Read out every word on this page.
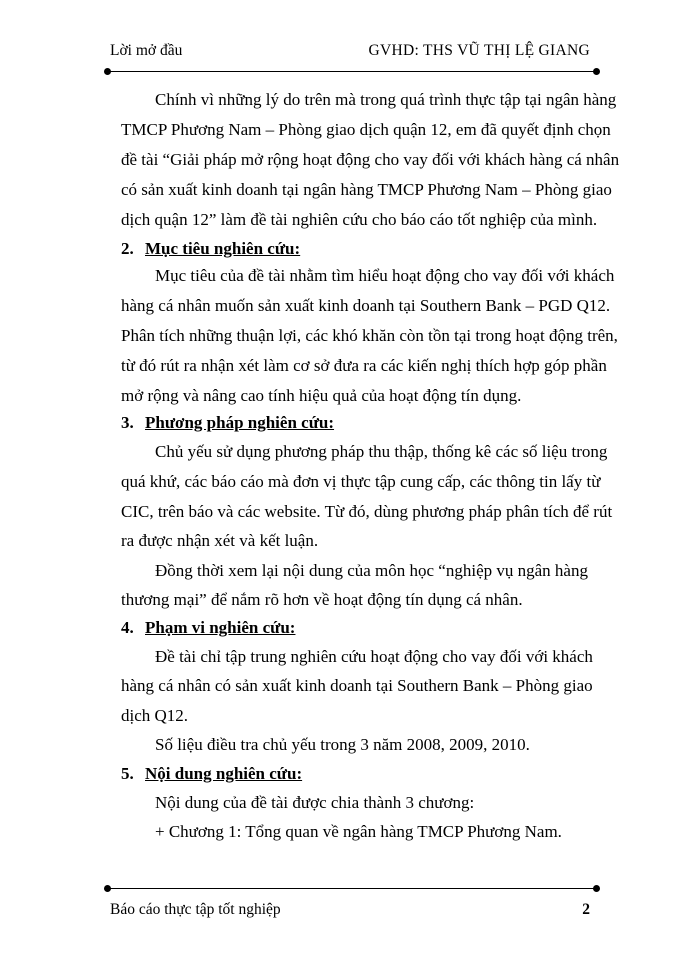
Lời mở đầu	GVHD: THS VŨ THỊ LỆ GIANG
Chính vì những lý do trên mà trong quá trình thực tập tại ngân hàng
TMCP Phương Nam – Phòng giao dịch quận 12, em đã quyết định chọn
đề tài “Giải pháp mở rộng hoạt động cho vay đối với khách hàng cá nhân
có sản xuất kinh doanh tại ngân hàng TMCP Phương Nam – Phòng giao
dịch quận 12” làm đề tài nghiên cứu cho báo cáo tốt nghiệp của mình.
2. Mục tiêu nghiên cứu:
Mục tiêu của đề tài nhằm tìm hiểu hoạt động cho vay đối với khách
hàng cá nhân muốn sản xuất kinh doanh tại Southern Bank – PGD Q12.
Phân tích những thuận lợi, các khó khăn còn tồn tại trong hoạt động trên,
từ đó rút ra nhận xét làm cơ sở đưa ra các kiến nghị thích hợp góp phần
mở rộng và nâng cao tính hiệu quả của hoạt động tín dụng.
3. Phương pháp nghiên cứu:
Chủ yếu sử dụng phương pháp thu thập, thống kê các số liệu trong
quá khứ, các báo cáo mà đơn vị thực tập cung cấp, các thông tin lấy từ
CIC, trên báo và các website. Từ đó, dùng phương pháp phân tích để rút
ra được nhận xét và kết luận.
Đồng thời xem lại nội dung của môn học “nghiệp vụ ngân hàng
thương mại” để nắm rõ hơn về hoạt động tín dụng cá nhân.
4. Phạm vi nghiên cứu:
Đề tài chỉ tập trung nghiên cứu hoạt động cho vay đối với khách
hàng cá nhân có sản xuất kinh doanh tại Southern Bank – Phòng giao
dịch Q12.
Số liệu điều tra chủ yếu trong 3 năm 2008, 2009, 2010.
5. Nội dung nghiên cứu:
Nội dung của đề tài được chia thành 3 chương:
+ Chương 1: Tổng quan về ngân hàng TMCP Phương Nam.
Báo cáo thực tập tốt nghiệp	2
